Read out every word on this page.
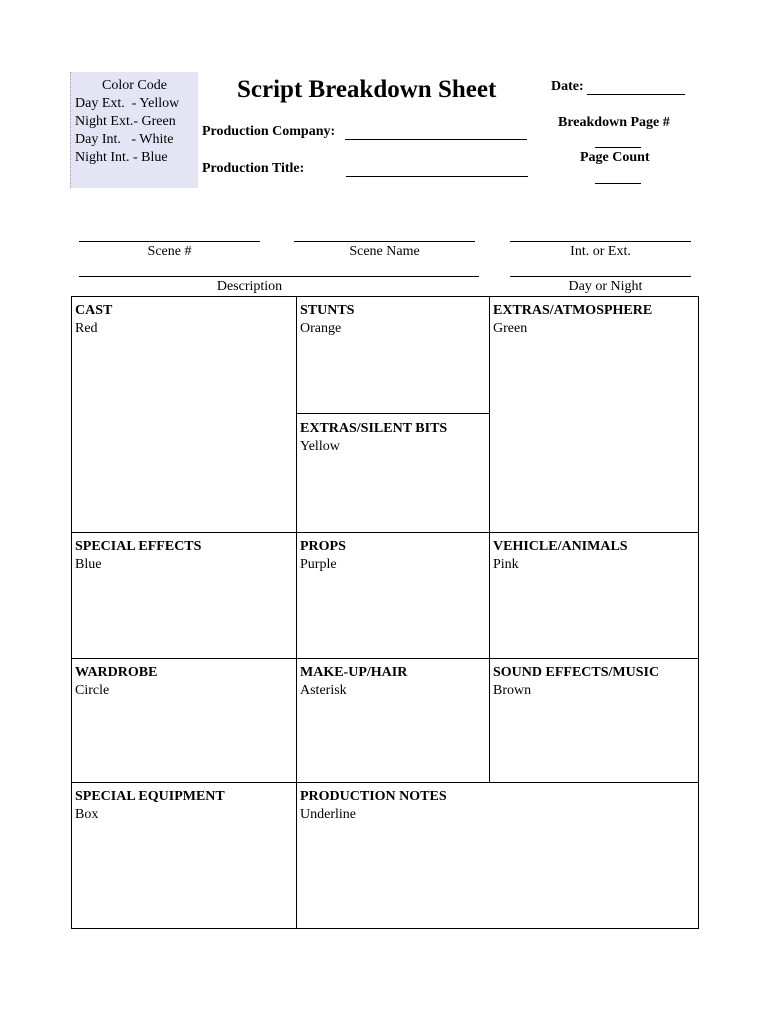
Color Code
Day Ext.  - Yellow
Night Ext.- Green
Day Int.   - White
Night Int. - Blue
Script Breakdown Sheet
Production Company:
Production Title:
Date:
Breakdown Page #
Page Count
Scene #	Scene Name	Int. or Ext.
Description	Day or Night
CAST
Red
STUNTS
Orange
EXTRAS/ATMOSPHERE
Green
EXTRAS/SILENT BITS
Yellow
SPECIAL EFFECTS
Blue
PROPS
Purple
VEHICLE/ANIMALS
Pink
WARDROBE
Circle
MAKE-UP/HAIR
Asterisk
SOUND EFFECTS/MUSIC
Brown
SPECIAL EQUIPMENT
Box
PRODUCTION NOTES
Underline
